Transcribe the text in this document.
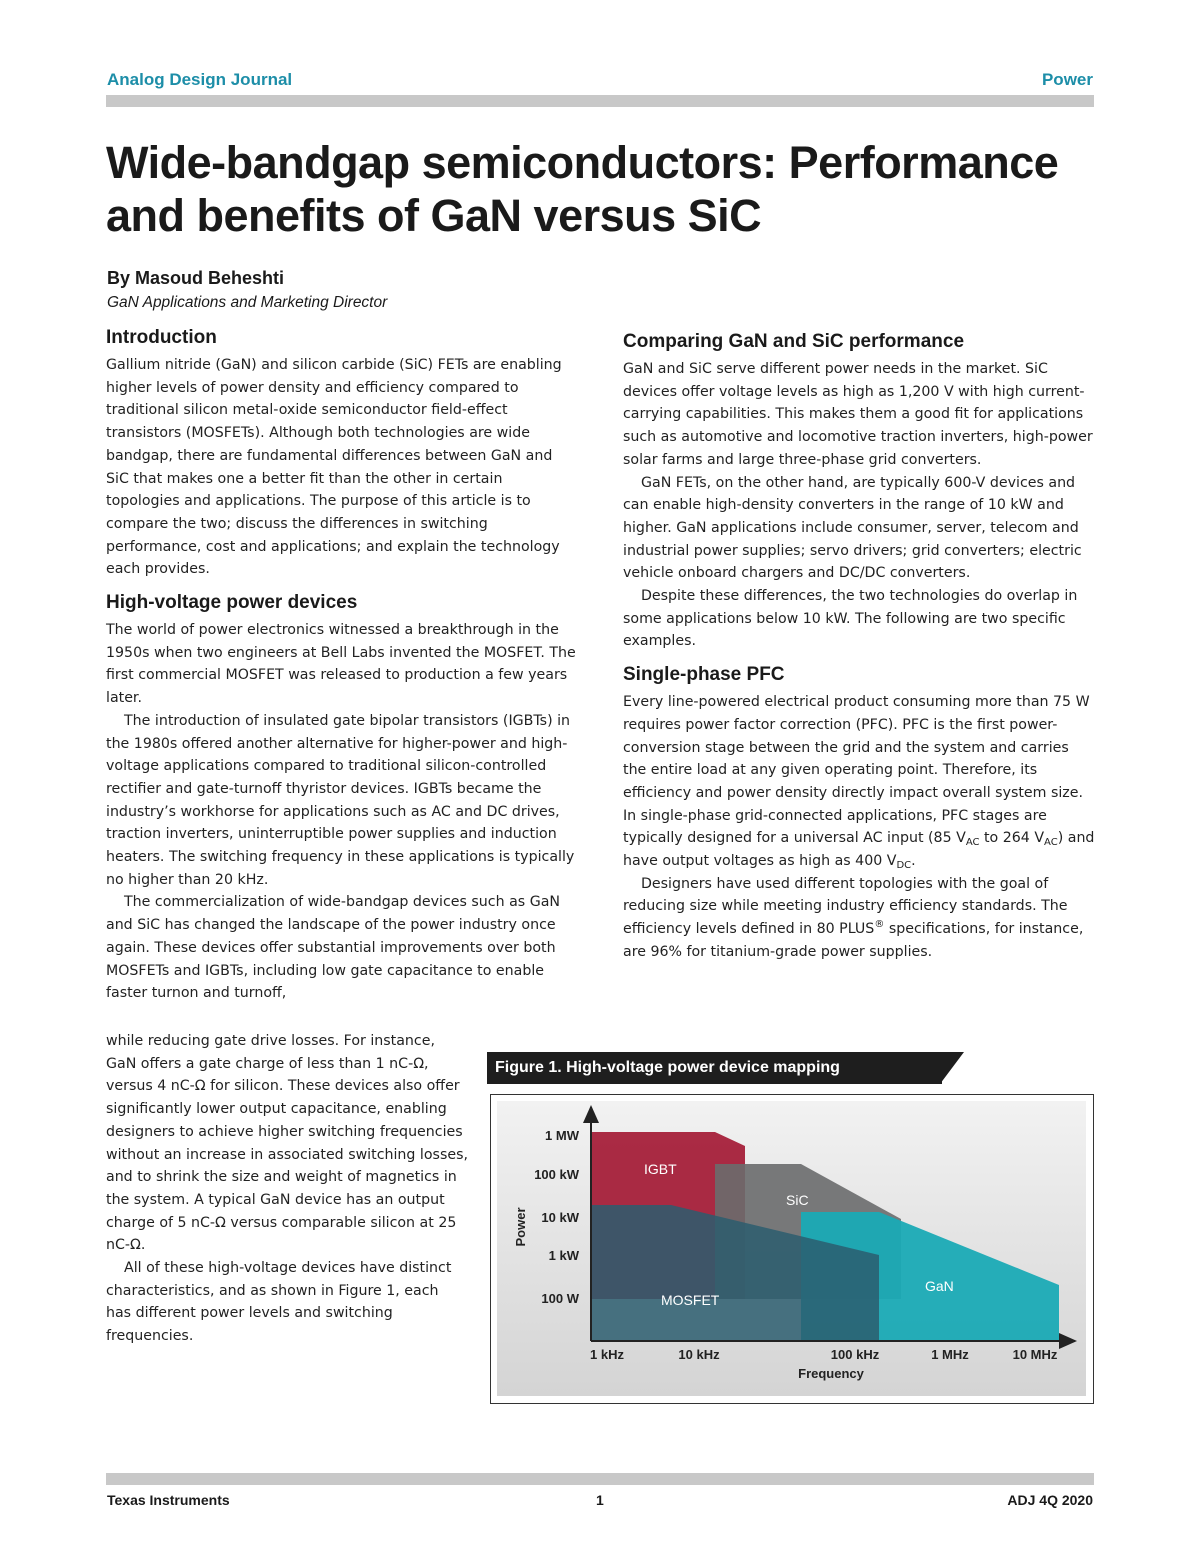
Analog Design Journal	Power
Wide-bandgap semiconductors: Performance
and benefits of GaN versus SiC
By Masoud Beheshti
GaN Applications and Marketing Director
Introduction

Gallium nitride (GaN) and silicon carbide (SiC) FETs are enabling higher levels of power density and efficiency compared to traditional silicon metal-oxide semiconductor field-effect transistors (MOSFETs). Although both technologies are wide bandgap, there are fundamental differences between GaN and SiC that makes one a better fit than the other in certain topologies and applications. The purpose of this article is to compare the two; discuss the differences in switching performance, cost and applications; and explain the technology each provides.

High-voltage power devices

The world of power electronics witnessed a breakthrough in the 1950s when two engineers at Bell Labs invented the MOSFET. The first commercial MOSFET was released to production a few years later.

The introduction of insulated gate bipolar transistors (IGBTs) in the 1980s offered another alternative for higher-power and high-voltage applications compared to traditional silicon-controlled rectifier and gate-turnoff thyristor devices. IGBTs became the industry’s workhorse for applications such as AC and DC drives, traction inverters, uninterruptible power supplies and induction heaters. The switching frequency in these applications is typically no higher than 20 kHz.

The commercialization of wide-bandgap devices such as GaN and SiC has changed the landscape of the power industry once again. These devices offer substantial improvements over both MOSFETs and IGBTs, including low gate capacitance to enable faster turnon and turnoff,

while reducing gate drive losses. For instance, GaN offers a gate charge of less than 1 nC-Ω, versus 4 nC-Ω for silicon. These devices also offer significantly lower output capacitance, enabling designers to achieve higher switching frequencies without an increase in associated switching losses, and to shrink the size and weight of magnetics in the system. A typical GaN device has an output charge of 5 nC-Ω versus comparable silicon at 25 nC-Ω.

All of these high-voltage devices have distinct characteristics, and as shown in Figure 1, each has different power levels and switching frequencies.

Comparing GaN and SiC performance

GaN and SiC serve different power needs in the market. SiC devices offer voltage levels as high as 1,200 V with high current-carrying capabilities. This makes them a good fit for applications such as automotive and locomotive traction inverters, high-power solar farms and large three-phase grid converters.

GaN FETs, on the other hand, are typically 600-V devices and can enable high-density converters in the range of 10 kW and higher. GaN applications include consumer, server, telecom and industrial power supplies; servo drivers; grid converters; electric vehicle onboard chargers and DC/DC converters.

Despite these differences, the two technologies do overlap in some applications below 10 kW. The following are two specific examples.

Single-phase PFC

Every line-powered electrical product consuming more than 75 W requires power factor correction (PFC). PFC is the first power-conversion stage between the grid and the system and carries the entire load at any given operating point. Therefore, its efficiency and power density directly impact overall system size. In single-phase grid-connected applications, PFC stages are typically designed for a universal AC input (85 $V_{AC}$ to 264 $V_{AC}$) and have output voltages as high as 400 $V_{DC}$.

Designers have used different topologies with the goal of reducing size while meeting industry efficiency standards. The efficiency levels defined in 80 PLUS® specifications, for instance, are 96% for titanium-grade power supplies.

Figure 1. High-voltage power device mapping
1 MW
100 kW
10 kW
1 kW
100 W
Power
1 kHz	10 kHz	100 kHz	1 MHz	10 MHz
Frequency
IGBT
SiC
GaN
MOSFET
Texas Instruments	1	ADJ 4Q 2020
